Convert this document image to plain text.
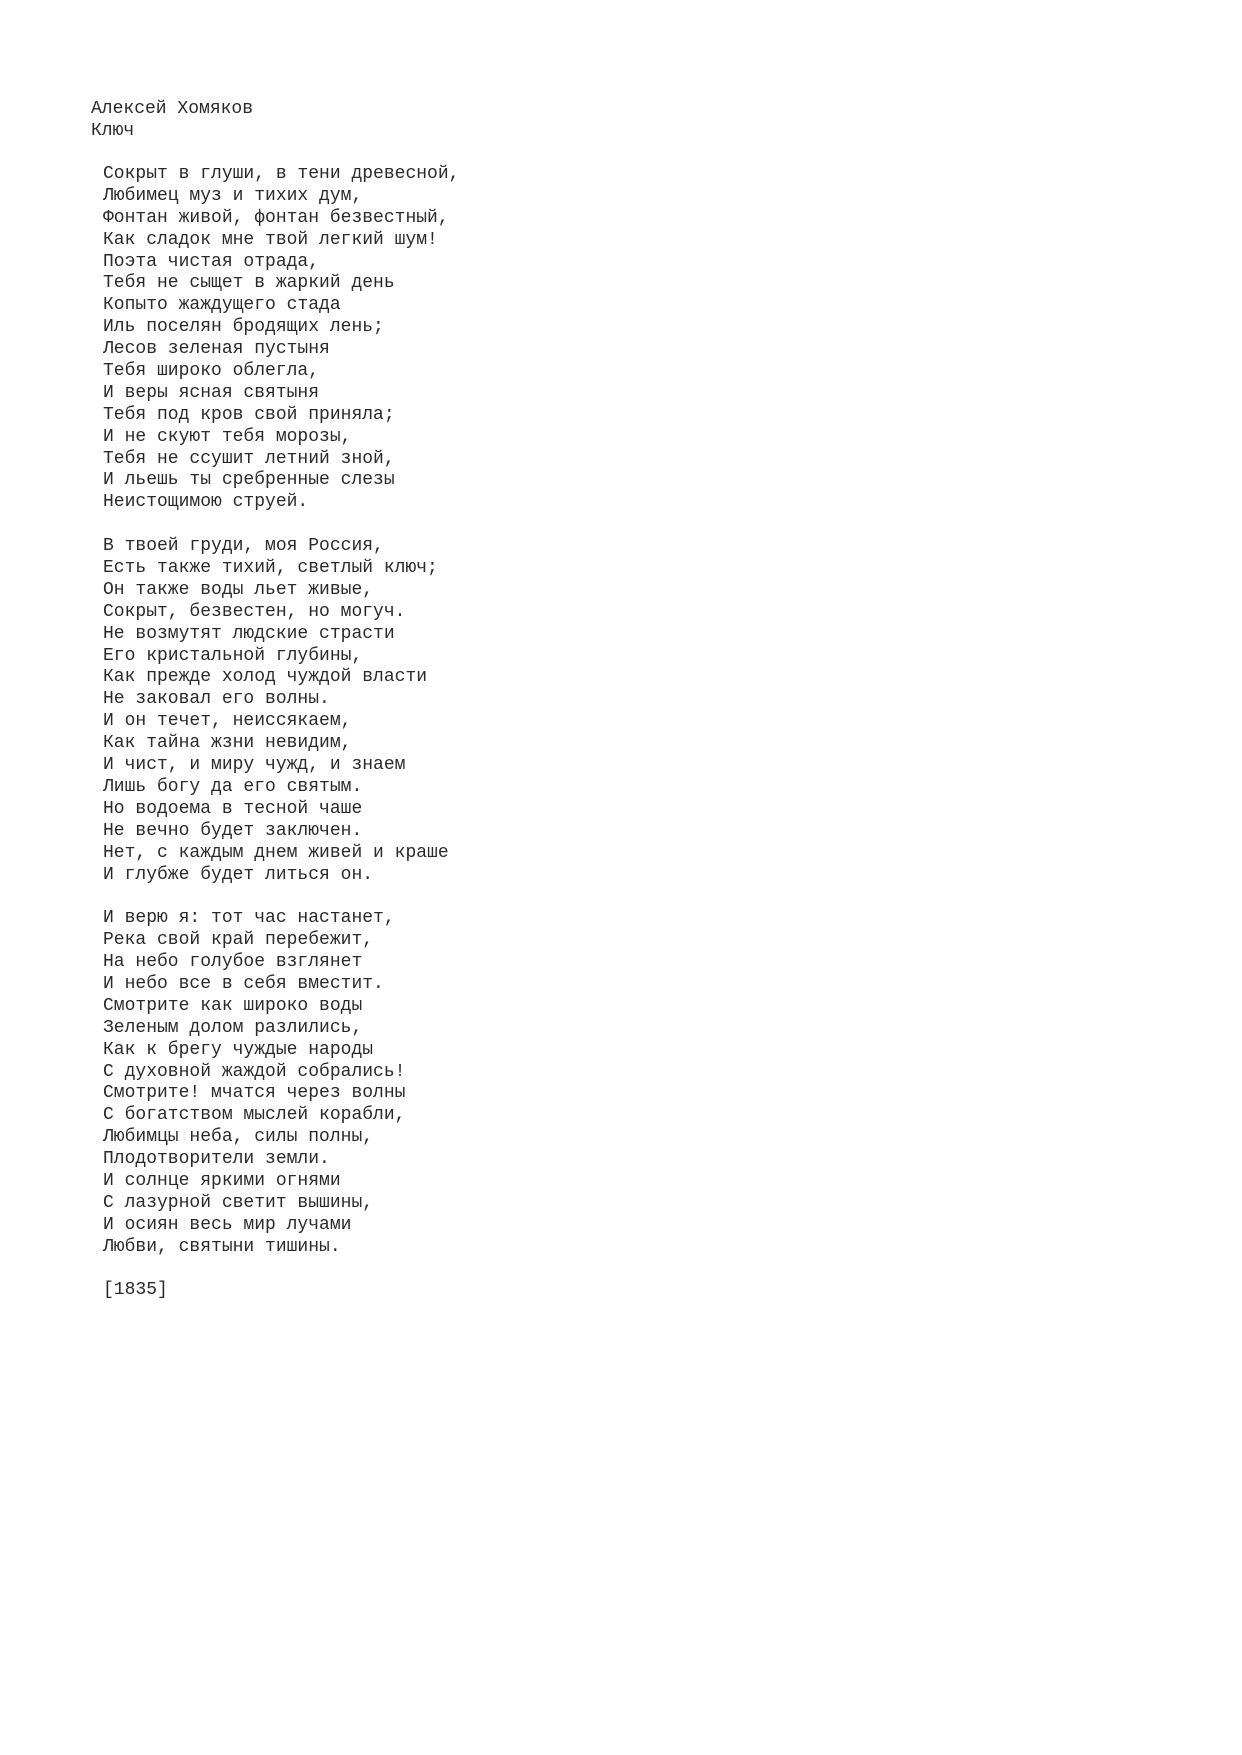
Алексей Хомяков
Ключ
Сокрыт в глуши, в тени древесной,
Любимец муз и тихих дум,
Фонтан живой, фонтан безвестный,
Как сладок мне твой легкий шум!
Поэта чистая отрада,
Тебя не сыщет в жаркий день
Копыто жаждущего стада
Иль поселян бродящих лень;
Лесов зеленая пустыня
Тебя широко облегла,
И веры ясная святыня
Тебя под кров свой приняла;
И не скуют тебя морозы,
Тебя не ссушит летний зной,
И льешь ты сребренные слезы
Неистощимою струей.
В твоей груди, моя Россия,
Есть также тихий, светлый ключ;
Он также воды льет живые,
Сокрыт, безвестен, но могуч.
Не возмутят людские страсти
Его кристальной глубины,
Как прежде холод чуждой власти
Не заковал его волны.
И он течет, неиссякаем,
Как тайна жзни невидим,
И чист, и миру чужд, и знаем
Лишь богу да его святым.
Но водоема в тесной чаше
Не вечно будет заключен.
Нет, с каждым днем живей и краше
И глубже будет литься он.
И верю я: тот час настанет,
Река свой край перебежит,
На небо голубое взглянет
И небо все в себя вместит.
Смотрите как широко воды
Зеленым долом разлились,
Как к брегу чуждые народы
С духовной жаждой собрались!
Смотрите! мчатся через волны
С богатством мыслей корабли,
Любимцы неба, силы полны,
Плодотворители земли.
И солнце яркими огнями
С лазурной светит вышины,
И осиян весь мир лучами
Любви, святыни тишины.
[1835]
